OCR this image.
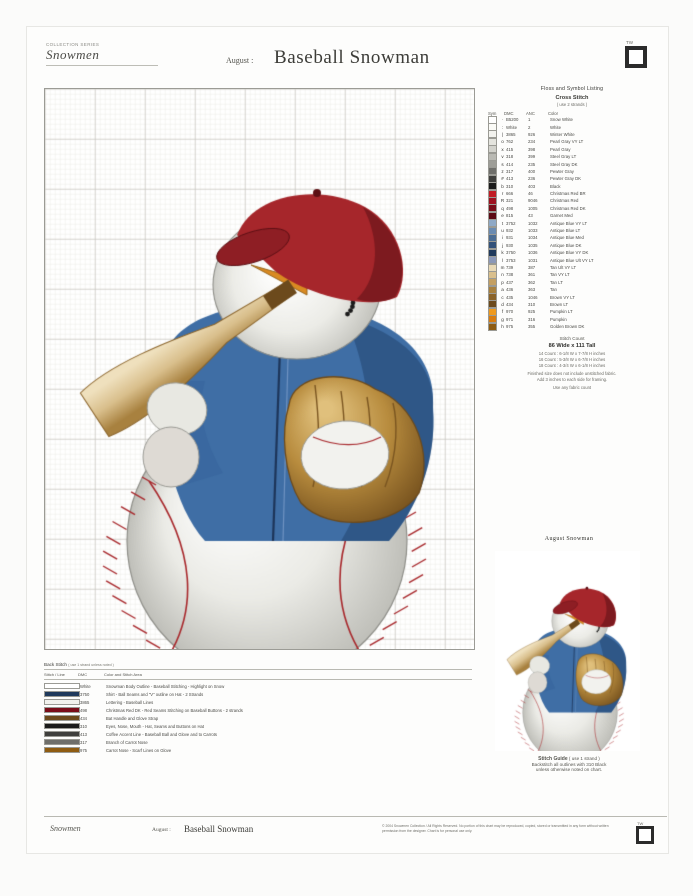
COLLECTION SERIES
Snowmen	August : Baseball Snowman
TW
Floss and Symbol Listing
Cross Stitch
( use 2 strands )
Sym	DMC	ANC	Color
· B5200	1	Snow White
: White	2	White
| 3865	926	Winter White
o 762	234	Pearl Gray VY LT
x 415	398	Pearl Gray
v 318	399	Steel Gray LT
s 414	235	Steel Gray DK
z 317	400	Pewter Gray
# 413	236	Pewter Gray DK
b 310	403	Black
r 666	46	Christmas Red BR
R 321	9046	Christmas Red
q 498	1005	Christmas Red DK
e 815	43	Garnet Med
t 3752	1032	Antique Blue VY LT
u 932	1033	Antique Blue LT
i 931	1034	Antique Blue Med
j 930	1035	Antique Blue DK
k 3750	1036	Antique Blue VY DK
l 3753	1031	Antique Blue Ult VY LT
m 739	387	Tan Ult VY LT
n 738	361	Tan VY LT
p 437	362	Tan LT
a 436	363	Tan
c 435	1046	Brown VY LT
d 434	310	Brown LT
f 970	925	Pumpkin LT
g 971	316	Pumpkin
h 975	355	Golden Brown DK
Stitch Count
86 Wide x 111 Tall
14 Count : 6-1/8 W x 7-7/8 H inches
16 Count : 5-3/8 W x 6-7/8 H inches
18 Count : 4-3/4 W x 6-1/8 H inches
Finished size does not include unstitched fabric.
Add 3 inches to each side for framing.
Use any fabric count
August Snowman
Stitch Guide ( use 1 strand )
Backstitch all outlines with 310 Black
unless otherwise noted on chart.
Back Stitch ( use 1 strand unless noted )
Stitch / Line	DMC	Color and Stitch Area
White	Snowman Body Outline - Baseball Stitching - Highlight on Snow
3750	Shirt - Ball Seams and "V" outline on Hat - 2 Strands
3865	Lettering - Baseball Lines
498	Christmas Red DK - Red Seams Stitching on Baseball Buttons - 2 strands
434	Bat Handle and Glove Strap
310	Eyes, Nose, Mouth - Hat, Seams and Buttons on Hat
413	Coffee Accent Line - Baseball Ball and Glove and to Carrots
317	Branch of Carrot Nose
975	Carrot Nose - Scarf Lines on Glove
Snowmen	August : Baseball Snowman	© 2004 Snowmen Collection / All Rights Reserved. No portion of this chart may be reproduced, copied, stored or transmitted in any form without written permission from the designer. Chart is for personal use only.
TW
